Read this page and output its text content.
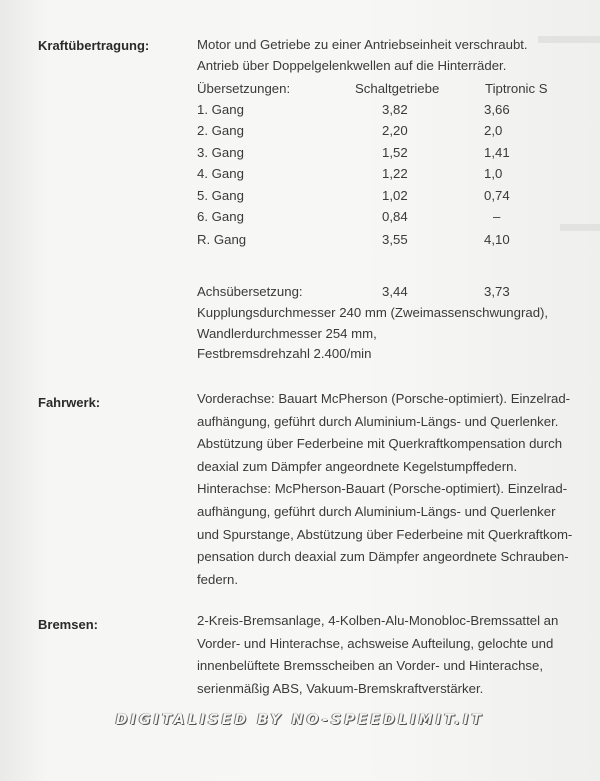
Kraftübertragung:	Motor und Getriebe zu einer Antriebseinheit verschraubt.
Antrieb über Doppelgelenkwellen auf die Hinterräder.
Übersetzungen:	Schaltgetriebe	Tiptronic S
1. Gang	3,82	3,66
2. Gang	2,20	2,0
3. Gang	1,52	1,41
4. Gang	1,22	1,0
5. Gang	1,02	0,74
6. Gang	0,84	–
R. Gang	3,55	4,10
Achsübersetzung:	3,44	3,73
Kupplungsdurchmesser 240 mm (Zweimassenschwungrad),
Wandlerdurchmesser 254 mm,
Festbremsdrehzahl 2.400/min
Fahrwerk:	Vorderachse: Bauart McPherson (Porsche-optimiert). Einzelrad-
aufhängung, geführt durch Aluminium-Längs- und Querlenker.
Abstützung über Federbeine mit Querkraftkompensation durch
deaxial zum Dämpfer angeordnete Kegelstumpffedern.
Hinterachse: McPherson-Bauart (Porsche-optimiert). Einzelrad-
aufhängung, geführt durch Aluminium-Längs- und Querlenker
und Spurstange, Abstützung über Federbeine mit Querkraftkom-
pensation durch deaxial zum Dämpfer angeordnete Schrauben-
federn.
Bremsen:	2-Kreis-Bremsanlage, 4-Kolben-Alu-Monobloc-Bremssattel an
Vorder- und Hinterachse, achsweise Aufteilung, gelochte und
innenbelüftete Bremsscheiben an Vorder- und Hinterachse,
serienmäßig ABS, Vakuum-Bremskraftverstärker.
DIGITALISED BY NO-SPEEDLIMIT.IT
